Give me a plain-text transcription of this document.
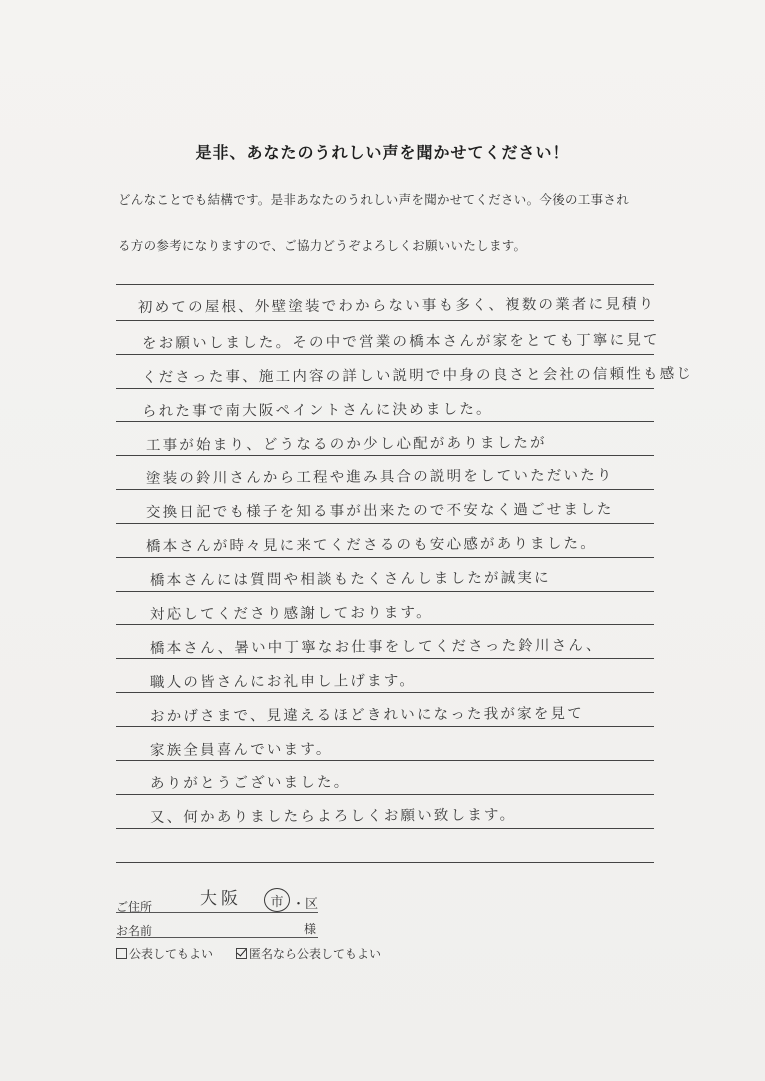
是非、あなたのうれしい声を聞かせてください！
どんなことでも結構です。是非あなたのうれしい声を聞かせてください。今後の工事され
る方の参考になりますので、ご協力どうぞよろしくお願いいたします。
初めての屋根、外壁塗装でわからない事も多く、複数の業者に見積り
をお願いしました。その中で営業の橋本さんが家をとても丁寧に見て
くださった事、施工内容の詳しい説明で中身の良さと会社の信頼性も感じ
られた事で南大阪ペイントさんに決めました。
工事が始まり、どうなるのか少し心配がありましたが
塗装の鈴川さんから工程や進み具合の説明をしていただいたり
交換日記でも様子を知る事が出来たので不安なく過ごせました
橋本さんが時々見に来てくださるのも安心感がありました。
橋本さんには質問や相談もたくさんしましたが誠実に
対応してくださり感謝しております。
橋本さん、暑い中丁寧なお仕事をしてくださった鈴川さん、
職人の皆さんにお礼申し上げます。
おかげさまで、見違えるほどきれいになった我が家を見て
家族全員喜んでいます。
ありがとうございました。
又、何かありましたらよろしくお願い致します。
ご住所	大阪 市 ・区
お名前	様
公表してもよい	匿名なら公表してもよい
